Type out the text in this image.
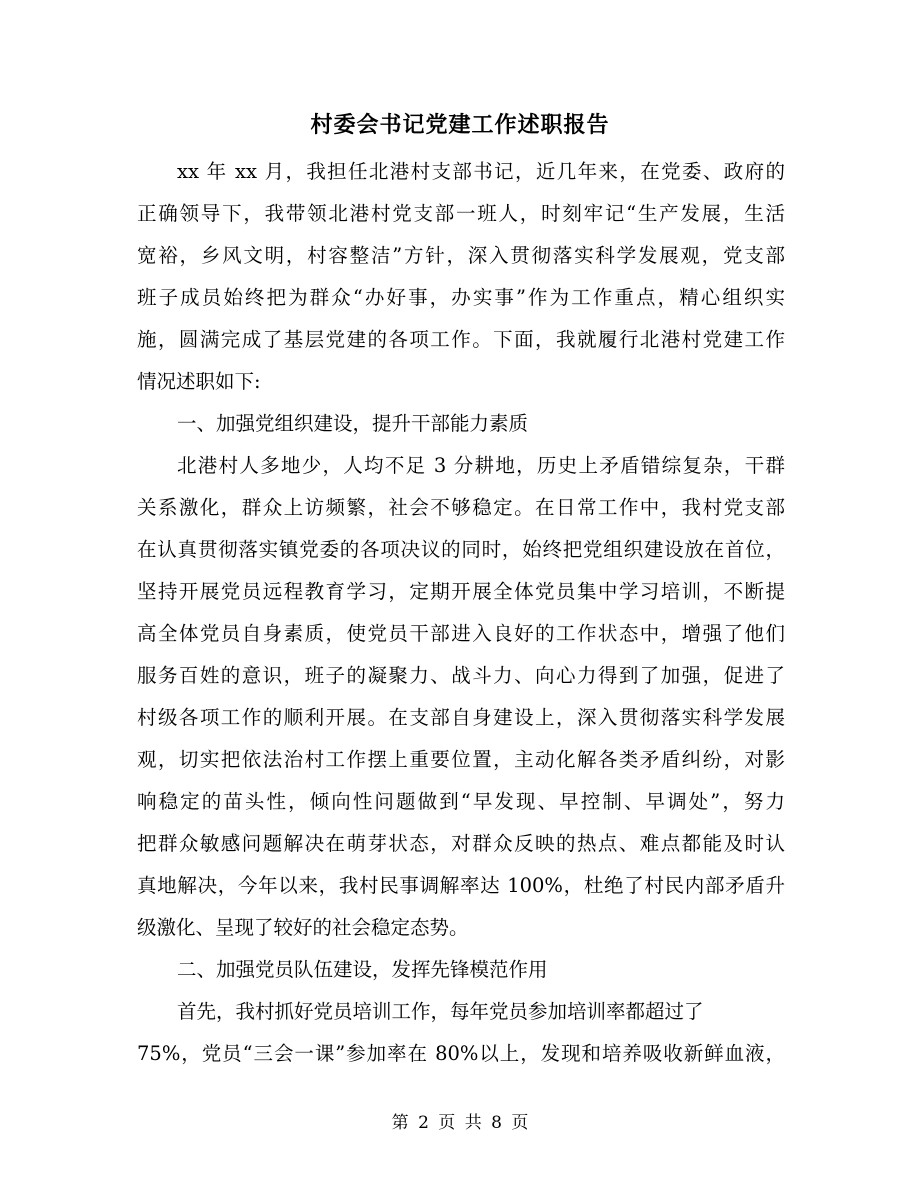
村委会书记党建工作述职报告
xx 年 xx 月，我担任北港村支部书记，近几年来，在党委、政府的
正确领导下，我带领北港村党支部一班人，时刻牢记“生产发展，生活
宽裕，乡风文明，村容整洁”方针，深入贯彻落实科学发展观，党支部
班子成员始终把为群众“办好事，办实事”作为工作重点，精心组织实
施，圆满完成了基层党建的各项工作。下面，我就履行北港村党建工作
情况述职如下:
一、加强党组织建设，提升干部能力素质
北港村人多地少，人均不足 3 分耕地，历史上矛盾错综复杂，干群
关系激化，群众上访频繁，社会不够稳定。在日常工作中，我村党支部
在认真贯彻落实镇党委的各项决议的同时，始终把党组织建设放在首位，
坚持开展党员远程教育学习，定期开展全体党员集中学习培训，不断提
高全体党员自身素质，使党员干部进入良好的工作状态中，增强了他们
服务百姓的意识，班子的凝聚力、战斗力、向心力得到了加强，促进了
村级各项工作的顺利开展。在支部自身建设上，深入贯彻落实科学发展
观，切实把依法治村工作摆上重要位置，主动化解各类矛盾纠纷，对影
响稳定的苗头性，倾向性问题做到“早发现、早控制、早调处”，努力
把群众敏感问题解决在萌芽状态，对群众反映的热点、难点都能及时认
真地解决，今年以来，我村民事调解率达 100%，杜绝了村民内部矛盾升
级激化、呈现了较好的社会稳定态势。
二、加强党员队伍建设，发挥先锋模范作用
首先，我村抓好党员培训工作，每年党员参加培训率都超过了
75%，党员“三会一课”参加率在 80%以上，发现和培养吸收新鲜血液，
第 2 页 共 8 页
